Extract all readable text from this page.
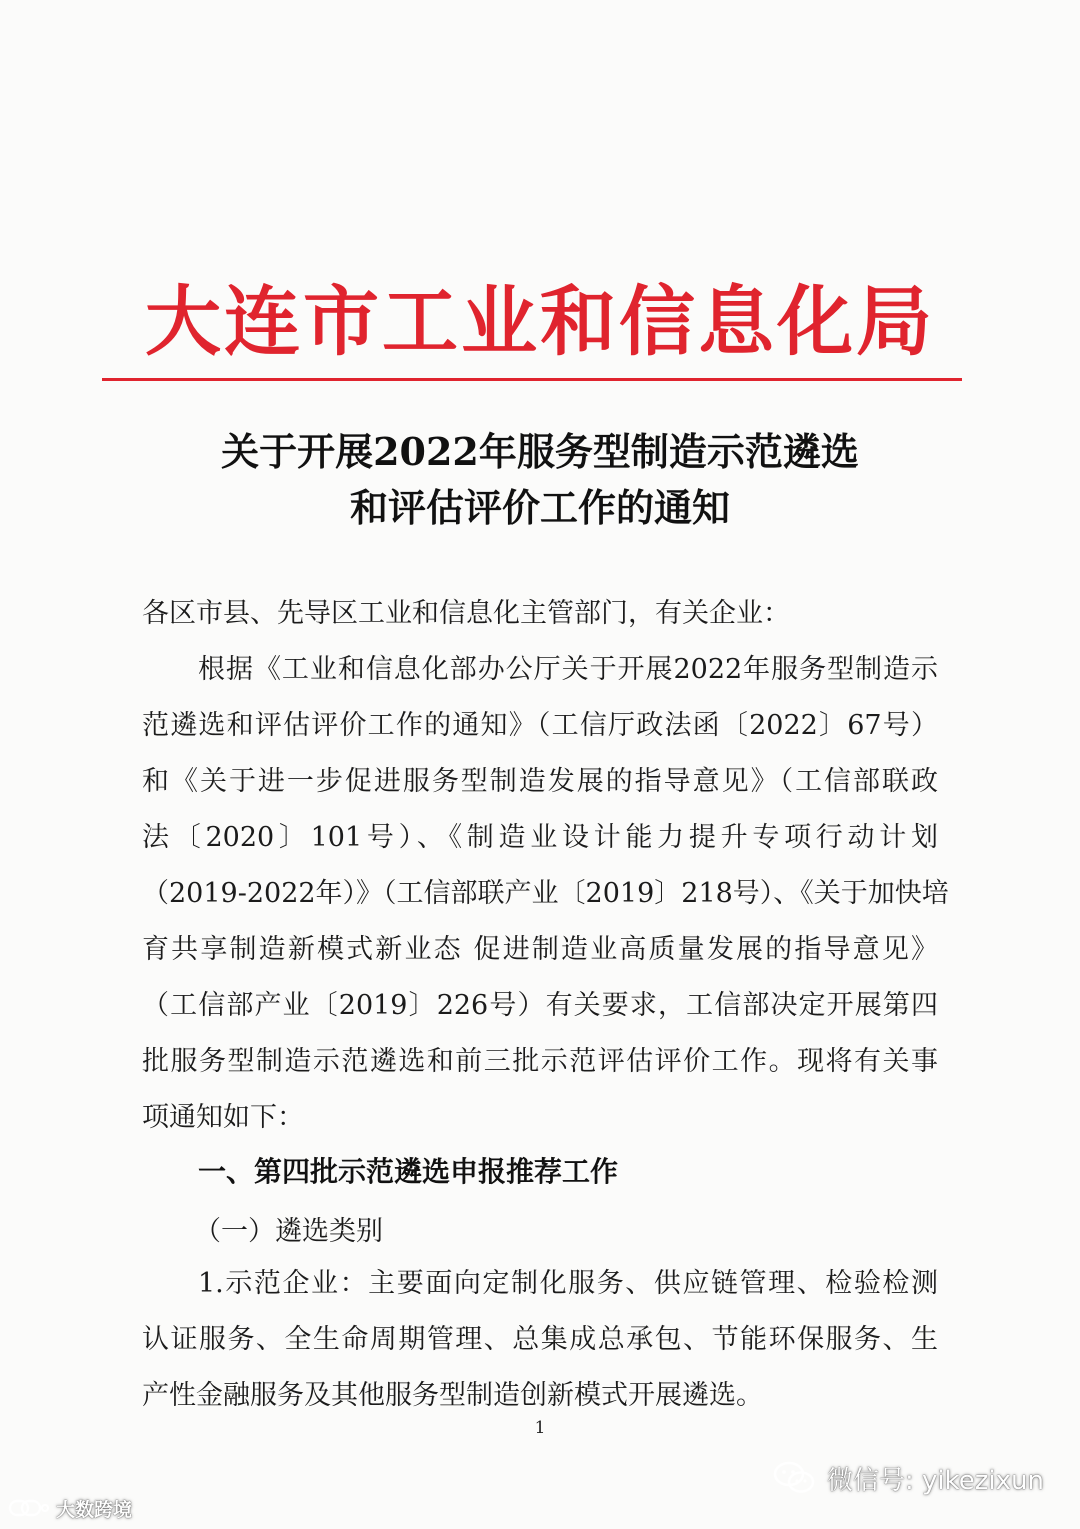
大连市工业和信息化局
关于开展2022年服务型制造示范遴选
和评估评价工作的通知
各区市县、先导区工业和信息化主管部门，有关企业：
根据《工业和信息化部办公厅关于开展2022年服务型制造示
范遴选和评估评价工作的通知》（工信厅政法函〔2022〕67号）
和《关于进一步促进服务型制造发展的指导意见》（工信部联政
法〔2020〕101号）、《制造业设计能力提升专项行动计划
（2019-2022年）》（工信部联产业〔2019〕218号）、《关于加快培
育共享制造新模式新业态 促进制造业高质量发展的指导意见》
（工信部产业〔2019〕226号）有关要求，工信部决定开展第四
批服务型制造示范遴选和前三批示范评估评价工作。现将有关事
项通知如下：
一、第四批示范遴选申报推荐工作
（一）遴选类别
1.示范企业：主要面向定制化服务、供应链管理、检验检测
认证服务、全生命周期管理、总集成总承包、节能环保服务、生
产性金融服务及其他服务型制造创新模式开展遴选。
1
微信号: yikezixun
大数跨境
